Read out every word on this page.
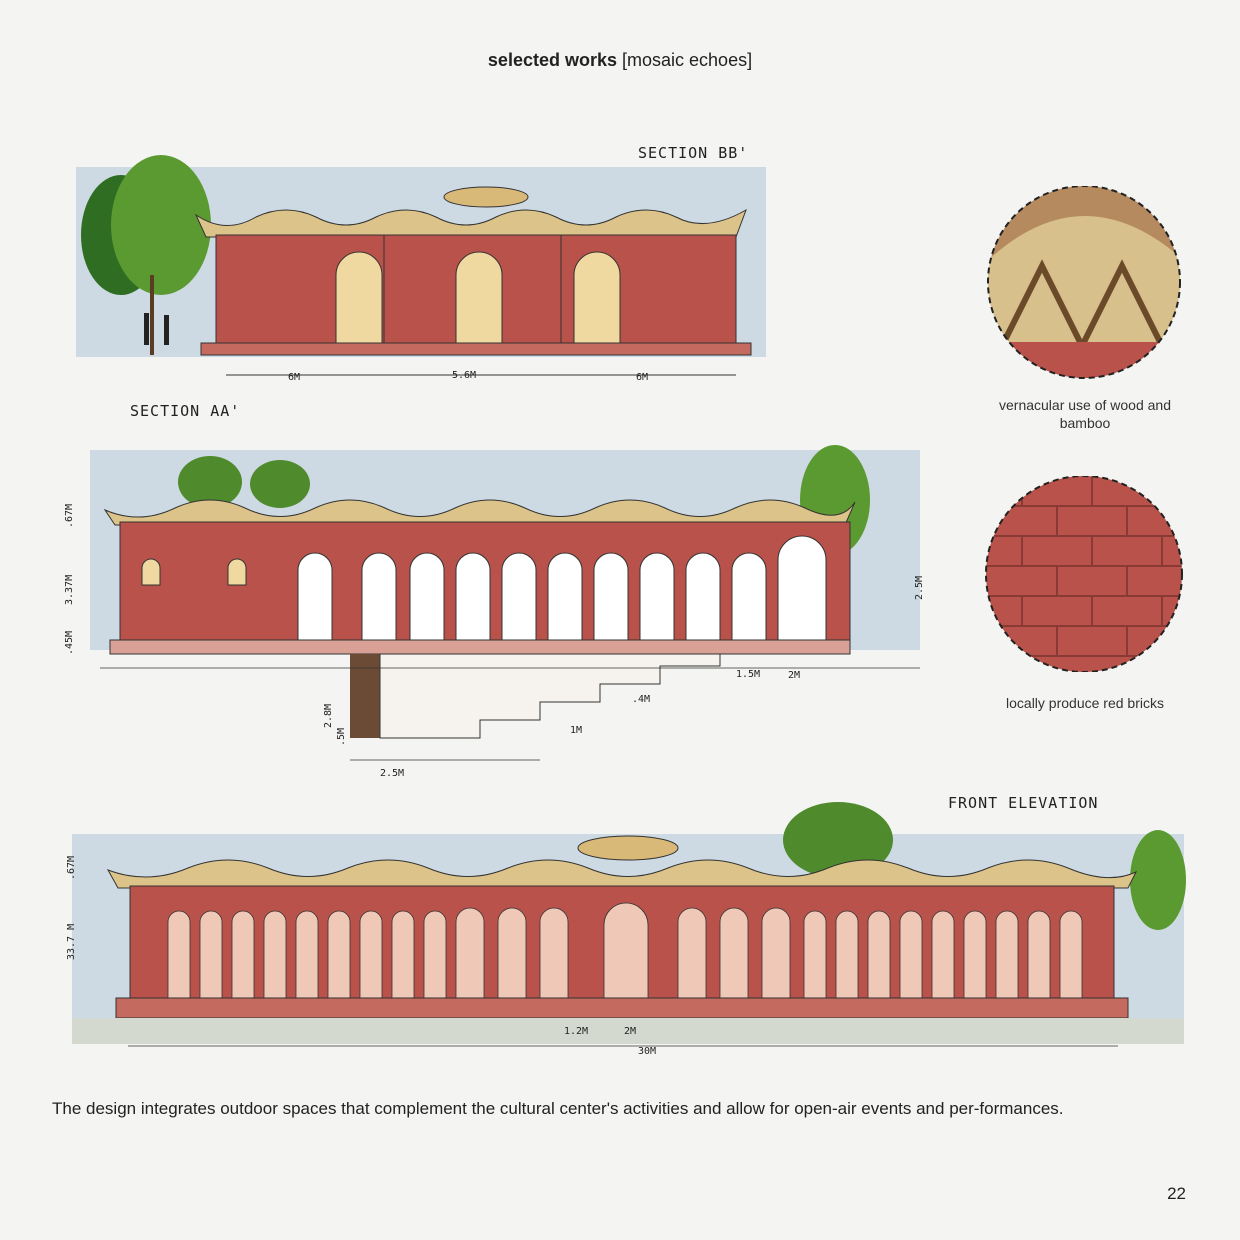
selected works [mosaic echoes]
SECTION BB'
6M	5.6M	6M
SECTION AA'
.67M
3.37M
.45M
2.5M
1.5M	2M
2.8M
.5M
2.5M
1M
.4M
FRONT ELEVATION
.67M
33.7 M
1.2M	2M
30M
vernacular use of wood and bamboo
locally produce red bricks
The design integrates outdoor spaces that complement the cultural center's activities and allow for open-air events and per-formances.
22
